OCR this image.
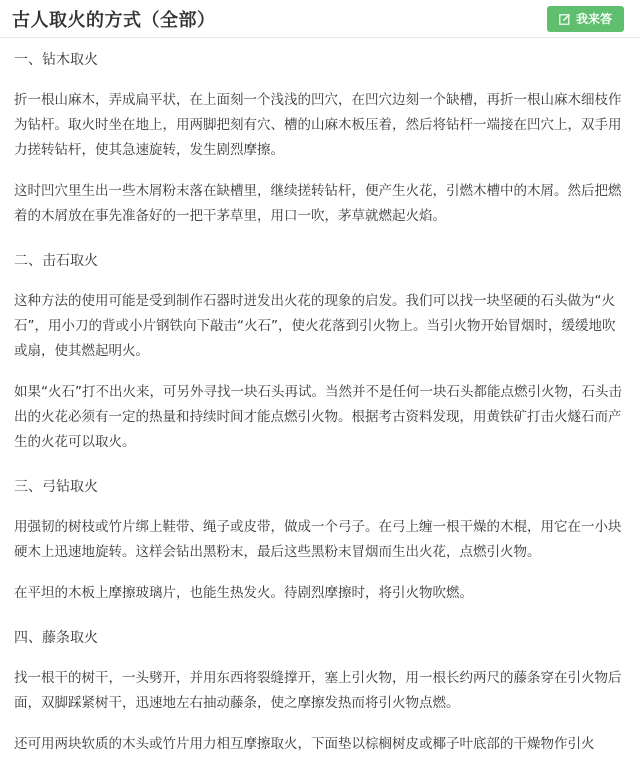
古人取火的方式（全部）	我来答
一、钻木取火

折一根山麻木，弄成扁平状，在上面刻一个浅浅的凹穴，在凹穴边刻一个缺槽，再折一根山麻木细枝作为钻杆。取火时坐在地上，用两脚把刻有穴、槽的山麻木板压着，然后将钻杆一端接在凹穴上，双手用力搓转钻杆，使其急速旋转，发生剧烈摩擦。

这时凹穴里生出一些木屑粉末落在缺槽里，继续搓转钻杆，便产生火花，引燃木槽中的木屑。然后把燃着的木屑放在事先准备好的一把干茅草里，用口一吹，茅草就燃起火焰。

二、击石取火

这种方法的使用可能是受到制作石器时迸发出火花的现象的启发。我们可以找一块坚硬的石头做为“火石”，用小刀的背或小片钢铁向下敲击“火石”，使火花落到引火物上。当引火物开始冒烟时，缓缓地吹或扇，使其燃起明火。

如果“火石”打不出火来，可另外寻找一块石头再试。当然并不是任何一块石头都能点燃引火物，石头击出的火花必须有一定的热量和持续时间才能点燃引火物。根据考古资料发现，用黄铁矿打击火燧石而产生的火花可以取火。

三、弓钻取火

用强韧的树枝或竹片绑上鞋带、绳子或皮带，做成一个弓子。在弓上缠一根干燥的木棍，用它在一小块硬木上迅速地旋转。这样会钻出黑粉末，最后这些黑粉末冒烟而生出火花，点燃引火物。

在平坦的木板上摩擦玻璃片，也能生热发火。待剧烈摩擦时，将引火物吹燃。

四、藤条取火

找一根干的树干，一头劈开，并用东西将裂缝撑开，塞上引火物，用一根长约两尺的藤条穿在引火物后面，双脚踩紧树干，迅速地左右抽动藤条，使之摩擦发热而将引火物点燃。

还可用两块软质的木头或竹片用力相互摩擦取火，下面垫以棕榈树皮或椰子叶底部的干燥物作引火
